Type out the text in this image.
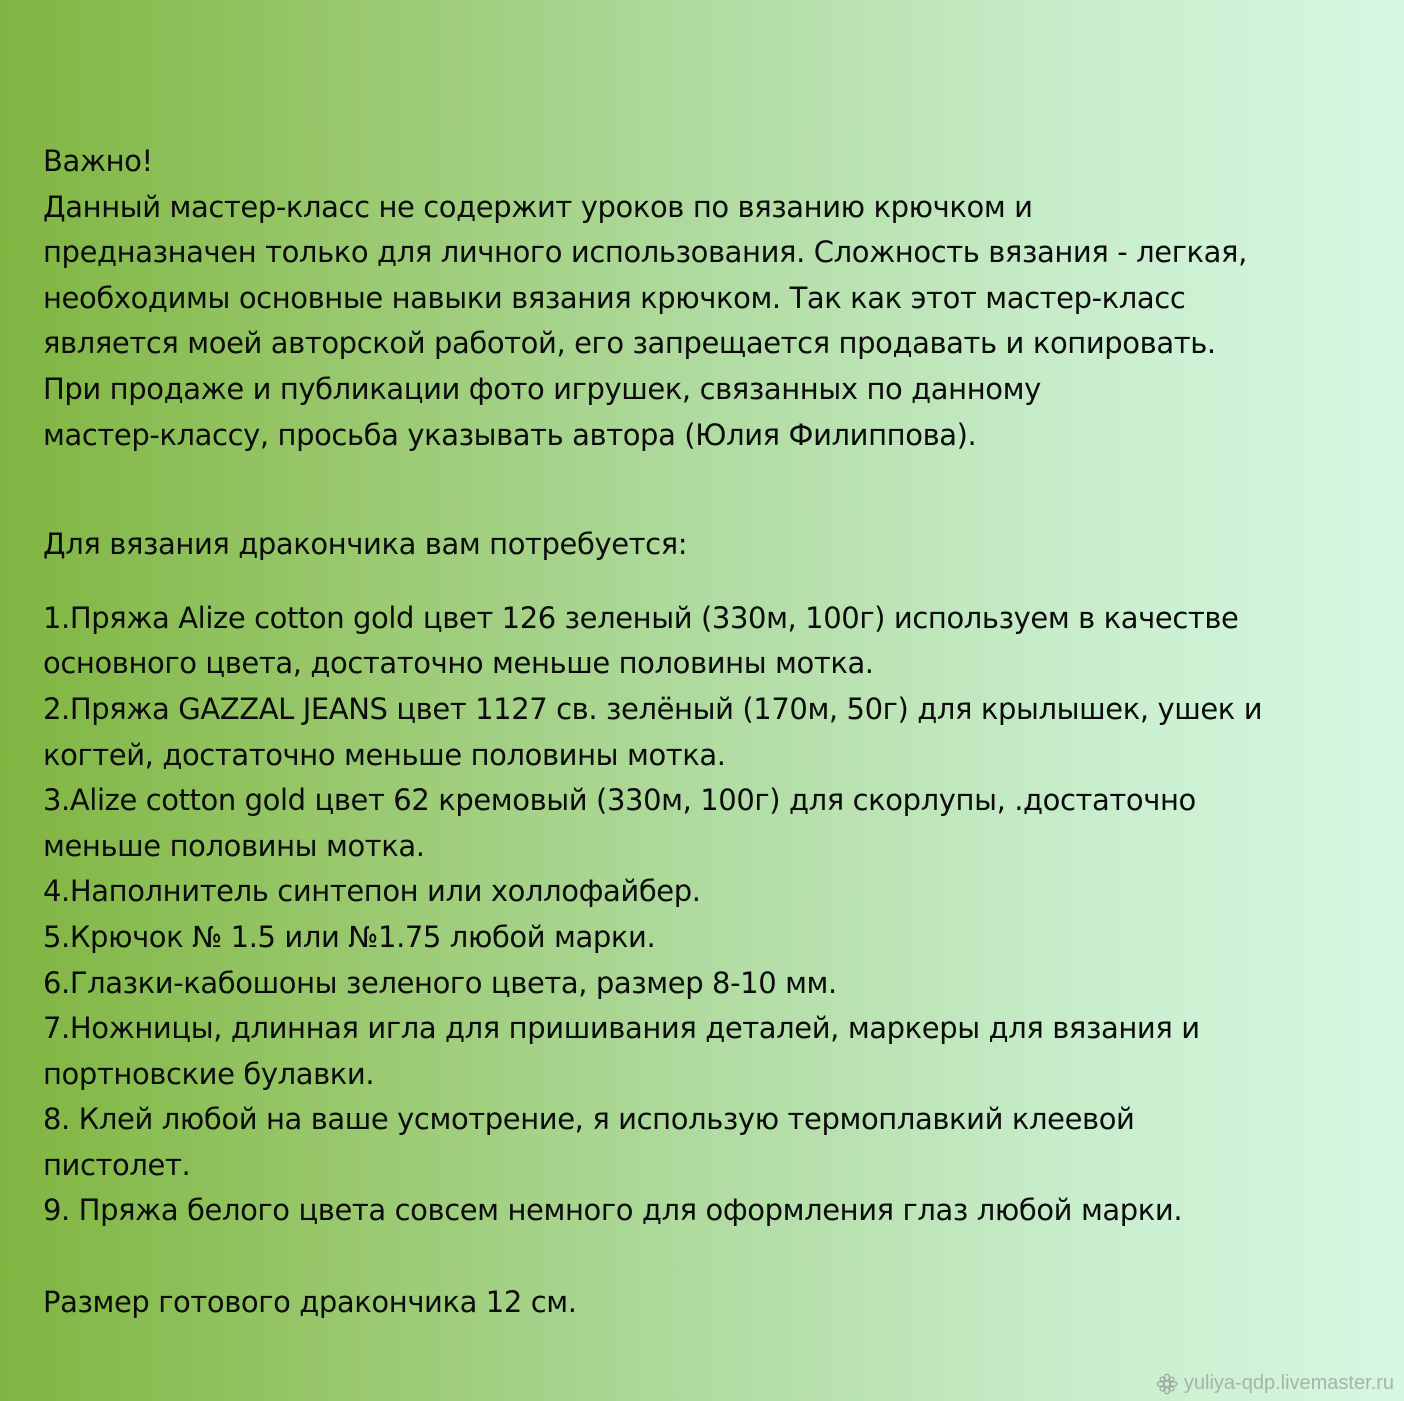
Важно!
Данный мастер-класс не содержит уроков по вязанию крючком и
предназначен только для личного использования. Сложность вязания - легкая,
необходимы основные навыки вязания крючком. Так как этот мастер-класс
является моей авторской работой, его запрещается продавать и копировать.
При продаже и публикации фото игрушек, связанных по данному
мастер-классу, просьба указывать автора (Юлия Филиппова).
Для вязания дракончика вам потребуется:
1.Пряжа Alize cotton gold цвет 126 зеленый (330м, 100г) используем в качестве
основного цвета, достаточно меньше половины мотка.
2.Пряжа GAZZAL JEANS цвет 1127 св. зелёный (170м, 50г) для крылышек, ушек и
когтей, достаточно меньше половины мотка.
3.Alize cotton gold цвет 62 кремовый (330м, 100г) для скорлупы, .достаточно
меньше половины мотка.
4.Наполнитель синтепон или холлофайбер.
5.Крючок № 1.5 или №1.75 любой марки.
6.Глазки-кабошоны зеленого цвета, размер 8-10 мм.
7.Ножницы, длинная игла для пришивания деталей, маркеры для вязания и
портновские булавки.
8. Клей любой на ваше усмотрение, я использую термоплавкий клеевой
пистолет.
9. Пряжа белого цвета совсем немного для оформления глаз любой марки.
Размер готового дракончика 12 см.
yuliya-qdp.livemaster.ru
